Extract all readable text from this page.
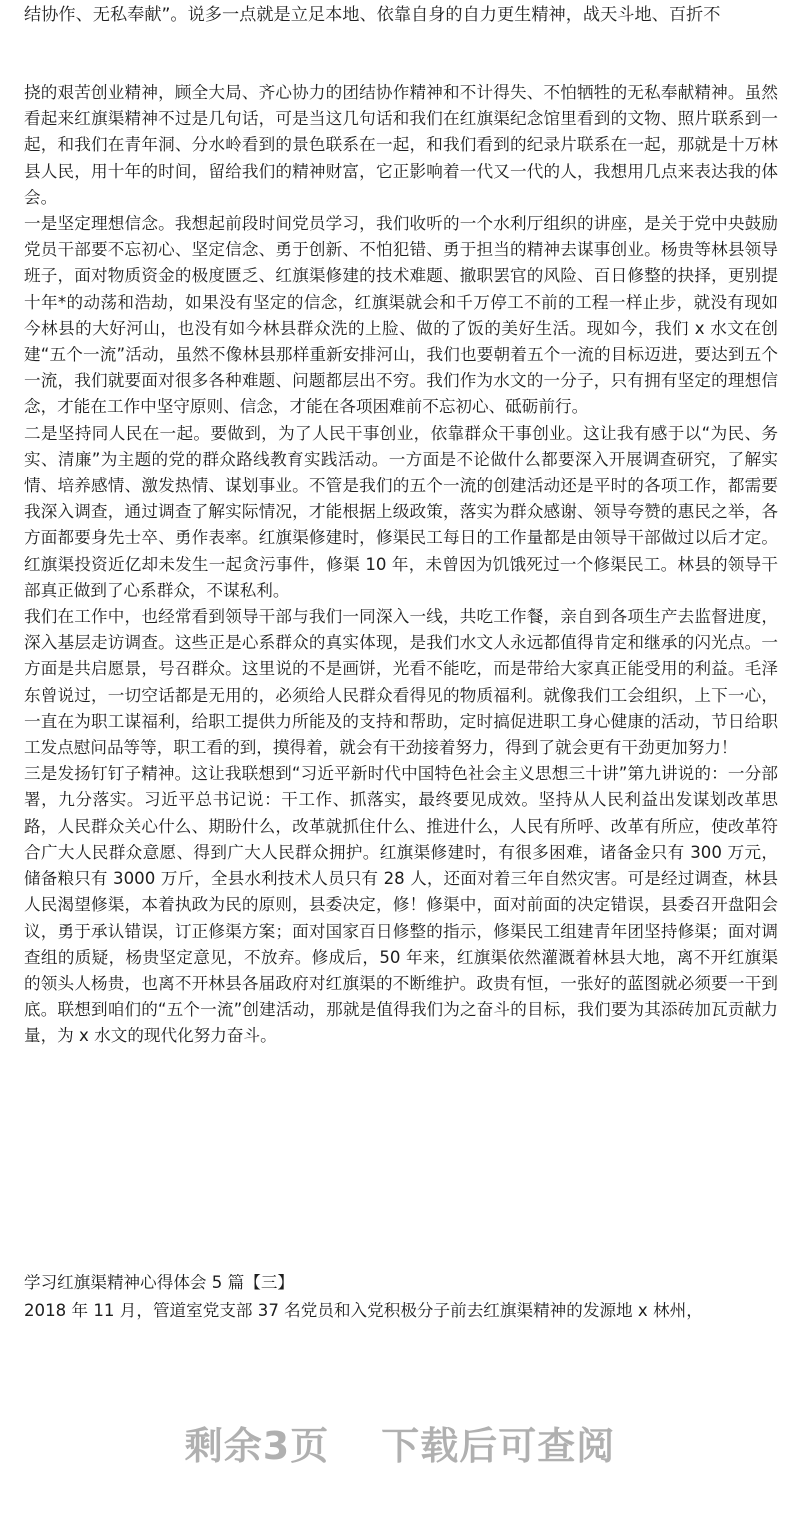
结协作、无私奉献”。说多一点就是立足本地、依靠自身的自力更生精神，战天斗地、百折不

挠的艰苦创业精神，顾全大局、齐心协力的团结协作精神和不计得失、不怕牺牲的无私奉献精神。虽然看起来红旗渠精神不过是几句话，可是当这几句话和我们在红旗渠纪念馆里看到的文物、照片联系到一起，和我们在青年洞、分水岭看到的景色联系在一起，和我们看到的纪录片联系在一起，那就是十万林县人民，用十年的时间，留给我们的精神财富，它正影响着一代又一代的人，我想用几点来表达我的体会。

一是坚定理想信念。我想起前段时间党员学习，我们收听的一个水利厅组织的讲座，是关于党中央鼓励党员干部要不忘初心、坚定信念、勇于创新、不怕犯错、勇于担当的精神去谋事创业。杨贵等林县领导班子，面对物质资金的极度匮乏、红旗渠修建的技术难题、撤职罢官的风险、百日修整的抉择，更别提十年*的动荡和浩劫，如果没有坚定的信念，红旗渠就会和千万停工不前的工程一样止步，就没有现如今林县的大好河山，也没有如今林县群众洗的上脸、做的了饭的美好生活。现如今，我们 x 水文在创建“五个一流”活动，虽然不像林县那样重新安排河山，我们也要朝着五个一流的目标迈进，要达到五个一流，我们就要面对很多各种难题、问题都层出不穷。我们作为水文的一分子，只有拥有坚定的理想信念，才能在工作中坚守原则、信念，才能在各项困难前不忘初心、砥砺前行。

二是坚持同人民在一起。要做到，为了人民干事创业，依靠群众干事创业。这让我有感于以“为民、务实、清廉”为主题的党的群众路线教育实践活动。一方面是不论做什么都要深入开展调查研究，了解实情、培养感情、激发热情、谋划事业。不管是我们的五个一流的创建活动还是平时的各项工作，都需要我深入调查，通过调查了解实际情况，才能根据上级政策，落实为群众感谢、领导夸赞的惠民之举，各方面都要身先士卒、勇作表率。红旗渠修建时，修渠民工每日的工作量都是由领导干部做过以后才定。红旗渠投资近亿却未发生一起贪污事件，修渠 10 年，未曾因为饥饿死过一个修渠民工。林县的领导干部真正做到了心系群众，不谋私利。

我们在工作中，也经常看到领导干部与我们一同深入一线，共吃工作餐，亲自到各项生产去监督进度，深入基层走访调查。这些正是心系群众的真实体现，是我们水文人永远都值得肯定和继承的闪光点。一方面是共启愿景，号召群众。这里说的不是画饼，光看不能吃，而是带给大家真正能受用的利益。毛泽东曾说过，一切空话都是无用的，必须给人民群众看得见的物质福利。就像我们工会组织，上下一心，一直在为职工谋福利，给职工提供力所能及的支持和帮助，定时搞促进职工身心健康的活动，节日给职工发点慰问品等等，职工看的到，摸得着，就会有干劲接着努力，得到了就会更有干劲更加努力！

三是发扬钉钉子精神。这让我联想到“习近平新时代中国特色社会主义思想三十讲”第九讲说的：一分部署，九分落实。习近平总书记说：干工作、抓落实，最终要见成效。坚持从人民利益出发谋划改革思路，人民群众关心什么、期盼什么，改革就抓住什么、推进什么，人民有所呼、改革有所应，使改革符合广大人民群众意愿、得到广大人民群众拥护。红旗渠修建时，有很多困难，诸备金只有 300 万元，储备粮只有 3000 万斤，全县水利技术人员只有 28 人，还面对着三年自然灾害。可是经过调查，林县人民渴望修渠，本着执政为民的原则，县委决定，修！修渠中，面对前面的决定错误，县委召开盘阳会议，勇于承认错误，订正修渠方案；面对国家百日修整的指示，修渠民工组建青年团坚持修渠；面对调查组的质疑，杨贵坚定意见，不放弃。修成后，50 年来，红旗渠依然灌溉着林县大地，离不开红旗渠的领头人杨贵，也离不开林县各届政府对红旗渠的不断维护。政贵有恒，一张好的蓝图就必须要一干到底。联想到咱们的“五个一流”创建活动，那就是值得我们为之奋斗的目标，我们要为其添砖加瓦贡献力量，为 x 水文的现代化努力奋斗。

学习红旗渠精神心得体会 5 篇【三】
2018 年 11 月，管道室党支部 37 名党员和入党积极分子前去红旗渠精神的发源地 x 林州，
剩余3页 下载后可查阅
